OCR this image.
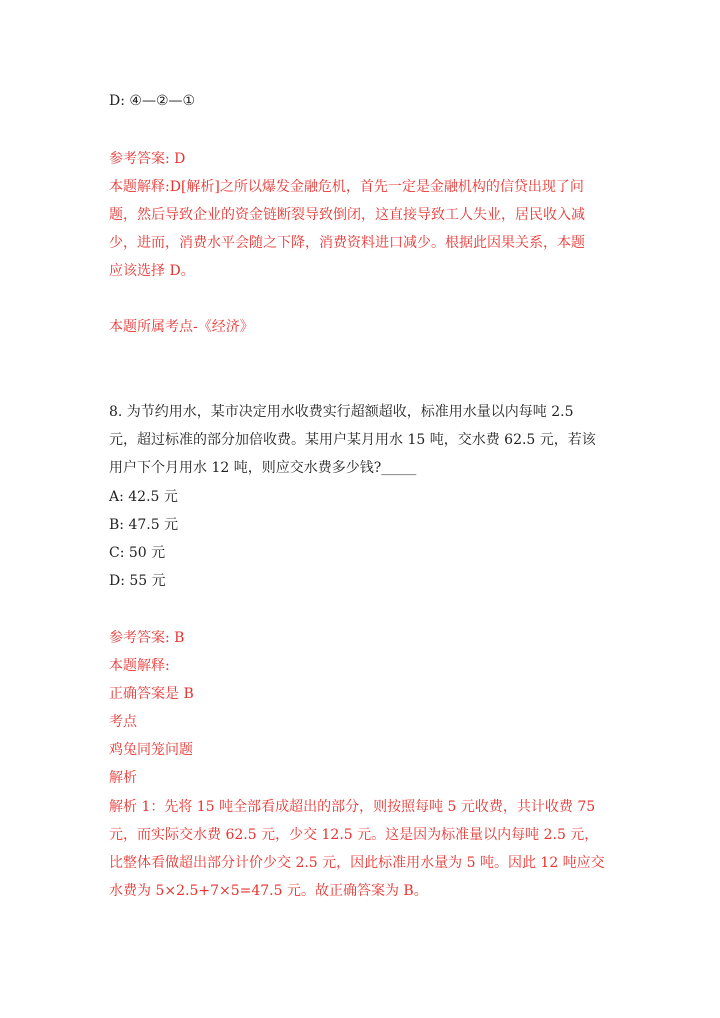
D: ④—②—①
参考答案: D
本题解释:D[解析]之所以爆发金融危机，首先一定是金融机构的信贷出现了问
题，然后导致企业的资金链断裂导致倒闭，这直接导致工人失业，居民收入减
少，进而，消费水平会随之下降，消费资料进口减少。根据此因果关系，本题
应该选择 D。
本题所属考点-《经济》
8. 为节约用水，某市决定用水收费实行超额超收，标准用水量以内每吨 2.5
元，超过标准的部分加倍收费。某用户某月用水 15 吨，交水费 62.5 元，若该
用户下个月用水 12 吨，则应交水费多少钱?_____
A: 42.5 元
B: 47.5 元
C: 50 元
D: 55 元
参考答案: B
本题解释:
正确答案是 B
考点
鸡兔同笼问题
解析
解析 1：先将 15 吨全部看成超出的部分，则按照每吨 5 元收费，共计收费 75
元，而实际交水费 62.5 元，少交 12.5 元。这是因为标准量以内每吨 2.5 元，
比整体看做超出部分计价少交 2.5 元，因此标准用水量为 5 吨。因此 12 吨应交
水费为 5×2.5+7×5=47.5 元。故正确答案为 B。
